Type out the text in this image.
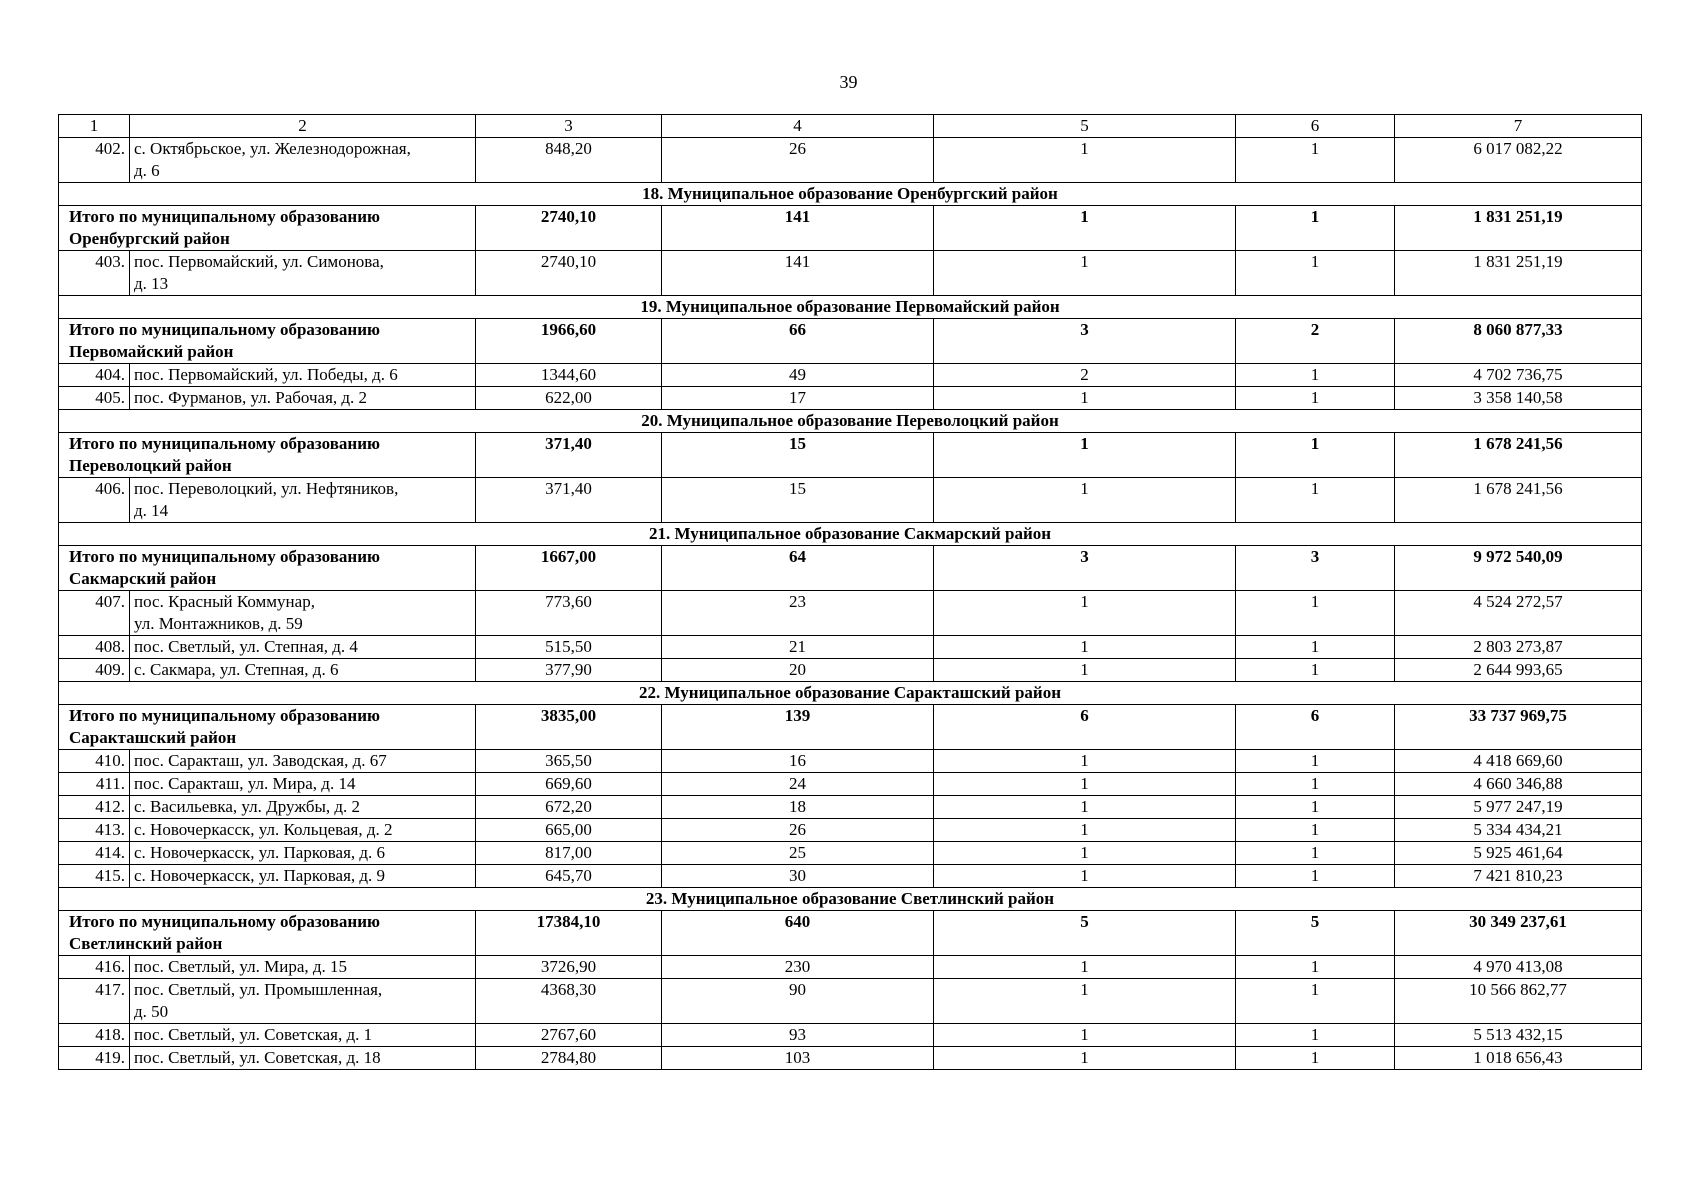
39
1	2	3	4	5	6	7
402.	с. Октябрьское, ул. Железнодорожная,
д. 6	848,20	26	1	1	6 017 082,22
18. Муниципальное образование Оренбургский район						

Итого по муниципальному образованию
Оренбургский район		2740,10	141	1	1	1 831 251,19
403.	пос. Первомайский, ул. Симонова,
д. 13	2740,10	141	1	1	1 831 251,19
19. Муниципальное образование Первомайский район						

Итого по муниципальному образованию
Первомайский район		1966,60	66	3	2	8 060 877,33
404.	пос. Первомайский, ул. Победы, д. 6	1344,60	49	2	1	4 702 736,75
405.	пос. Фурманов, ул. Рабочая, д. 2	622,00	17	1	1	3 358 140,58
20. Муниципальное образование Переволоцкий район						

Итого по муниципальному образованию
Переволоцкий район		371,40	15	1	1	1 678 241,56
406.	пос. Переволоцкий, ул. Нефтяников,
д. 14	371,40	15	1	1	1 678 241,56
21. Муниципальное образование Сакмарский район						

Итого по муниципальному образованию
Сакмарский район		1667,00	64	3	3	9 972 540,09
407.	пос. Красный Коммунар,
ул. Монтажников, д. 59	773,60	23	1	1	4 524 272,57
408.	пос. Светлый, ул. Степная, д. 4	515,50	21	1	1	2 803 273,87
409.	с. Сакмара, ул. Степная, д. 6	377,90	20	1	1	2 644 993,65
22. Муниципальное образование Саракташский район						

Итого по муниципальному образованию
Саракташский район		3835,00	139	6	6	33 737 969,75
410.	пос. Саракташ, ул. Заводская, д. 67	365,50	16	1	1	4 418 669,60
411.	пос. Саракташ, ул. Мира, д. 14	669,60	24	1	1	4 660 346,88
412.	с. Васильевка, ул. Дружбы, д. 2	672,20	18	1	1	5 977 247,19
413.	с. Новочеркасск, ул. Кольцевая, д. 2	665,00	26	1	1	5 334 434,21
414.	с. Новочеркасск, ул. Парковая, д. 6	817,00	25	1	1	5 925 461,64
415.	с. Новочеркасск, ул. Парковая, д. 9	645,70	30	1	1	7 421 810,23
23. Муниципальное образование Светлинский район						

Итого по муниципальному образованию
Светлинский район		17384,10	640	5	5	30 349 237,61
416.	пос. Светлый, ул. Мира, д. 15	3726,90	230	1	1	4 970 413,08
417.	пос. Светлый, ул. Промышленная,
д. 50	4368,30	90	1	1	10 566 862,77
418.	пос. Светлый, ул. Советская, д. 1	2767,60	93	1	1	5 513 432,15
419.	пос. Светлый, ул. Советская, д. 18	2784,80	103	1	1	1 018 656,43
